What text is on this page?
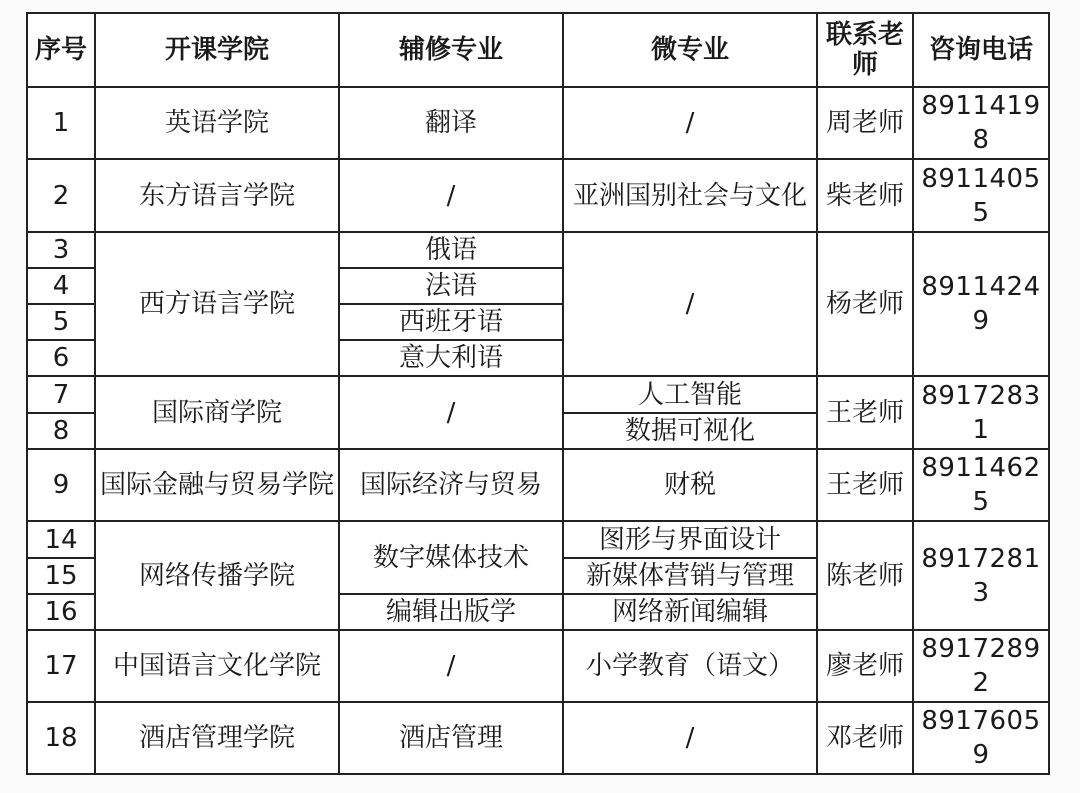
序号	开课学院	辅修专业	微专业	联系老师	咨询电话
1	英语学院	翻译	/	周老师	89114198
2	东方语言学院	/	亚洲国别社会与文化	柴老师	89114055
3	西方语言学院	俄语	/	杨老师	89114249
4		法语			
5		西班牙语			
6		意大利语			
7	国际商学院	/	人工智能	王老师	89172831
8			数据可视化		
9	国际金融与贸易学院	国际经济与贸易	财税	王老师	89114625
14	网络传播学院	数字媒体技术	图形与界面设计	陈老师	89172813
15			新媒体营销与管理		
16		编辑出版学	网络新闻编辑		
17	中国语言文化学院	/	小学教育（语文）	廖老师	89172892
18	酒店管理学院	酒店管理	/	邓老师	89176059
